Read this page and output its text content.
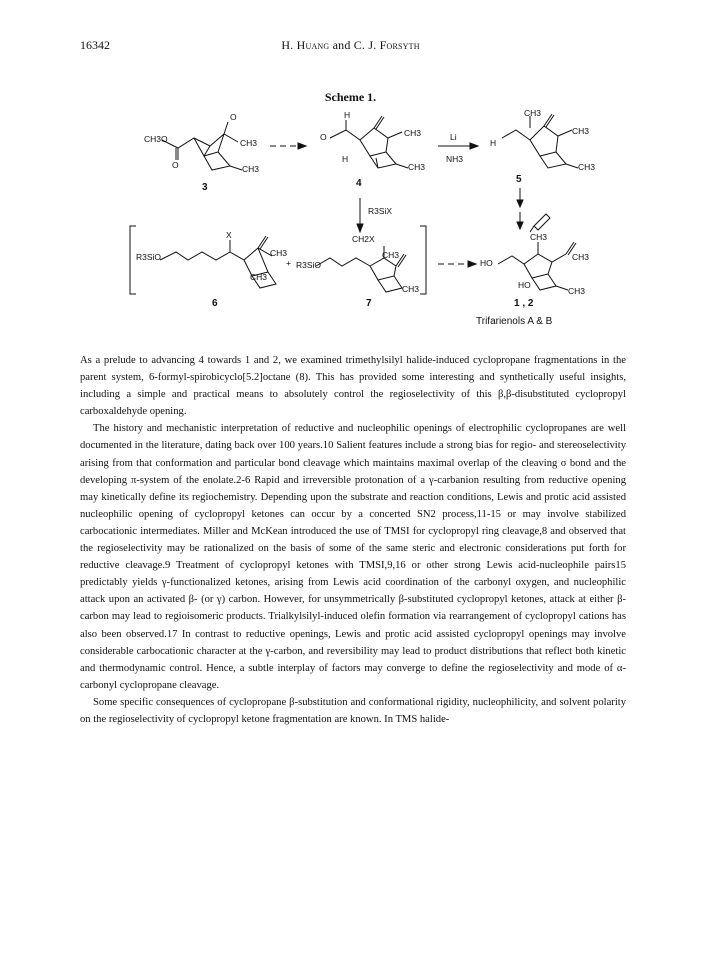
16342	H. Huang and C. J. Forsyth
Scheme 1.
CH3O
O
O
CH3
CH3
3
H
O	CH3
H
CH3
4
Li
NH3
CH3
H
CH3
CH3
5
R3SiX
R3SiO
X
CH3
CH3
6
+ R3SiO
CH2X
CH3
CH3
7
CH3
HO
CH3
HO
CH3
1 , 2
Trifarienols A & B

As a prelude to advancing 4 towards 1 and 2, we examined trimethylsilyl halide-induced cyclopropane fragmentations in the parent system, 6-formyl-spirobicyclo[5.2]octane (8). This has provided some interesting and synthetically useful insights, including a simple and practical means to absolutely control the regioselectivity of this β,β-disubstituted cyclopropyl carboxaldehyde opening.

The history and mechanistic interpretation of reductive and nucleophilic openings of electrophilic cyclopropanes are well documented in the literature, dating back over 100 years.10 Salient features include a strong bias for regio- and stereoselectivity arising from that conformation and particular bond cleavage which maintains maximal overlap of the cleaving σ bond and the developing π-system of the enolate.2-6 Rapid and irreversible protonation of a γ-carbanion resulting from reductive opening may kinetically define its regiochemistry. Depending upon the substrate and reaction conditions, Lewis and protic acid assisted nucleophilic opening of cyclopropyl ketones can occur by a concerted SN2 process,11-15 or may involve stabilized carbocationic intermediates. Miller and McKean introduced the use of TMSI for cyclopropyl ring cleavage,8 and observed that the regioselectivity may be rationalized on the basis of some of the same steric and electronic considerations put forth for reductive cleavage.9 Treatment of cyclopropyl ketones with TMSI,9,16 or other strong Lewis acid-nucleophile pairs15 predictably yields γ-functionalized ketones, arising from Lewis acid coordination of the carbonyl oxygen, and nucleophilic attack upon an activated β- (or γ) carbon. However, for unsymmetrically β-substituted cyclopropyl ketones, attack at either β-carbon may lead to regioisomeric products. Trialkylsilyl-induced olefin formation via rearrangement of cyclopropyl cations has also been observed.17 In contrast to reductive openings, Lewis and protic acid assisted cyclopropyl openings may involve considerable carbocationic character at the γ-carbon, and reversibility may lead to product distributions that reflect both kinetic and thermodynamic control. Hence, a subtle interplay of factors may converge to define the regioselectivity and mode of α-carbonyl cyclopropane cleavage.

Some specific consequences of cyclopropane β-substitution and conformational rigidity, nucleophilicity, and solvent polarity on the regioselectivity of cyclopropyl ketone fragmentation are known. In TMS halide-
